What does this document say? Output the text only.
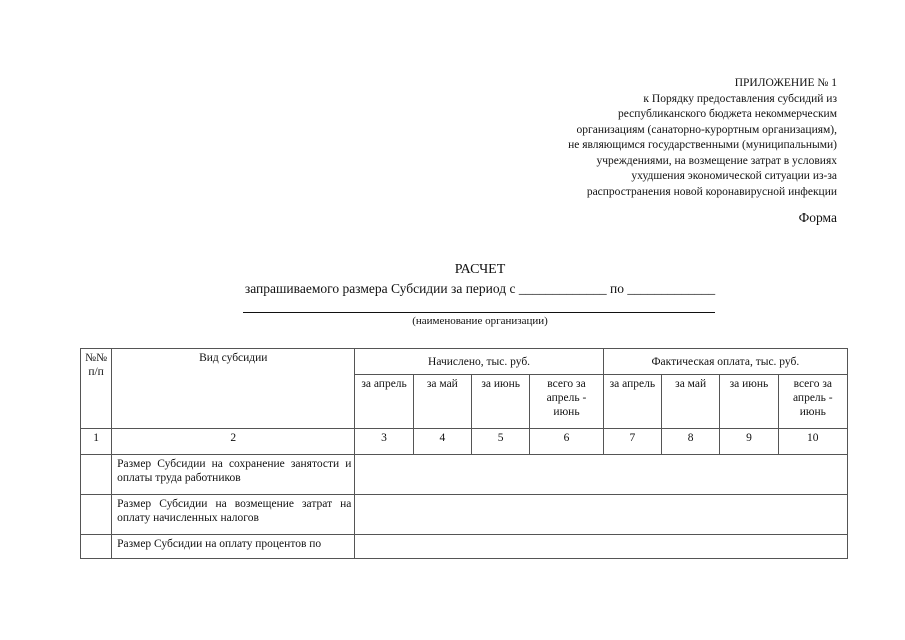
ПРИЛОЖЕНИЕ № 1
к Порядку предоставления субсидий из
республиканского бюджета некоммерческим
организациям (санаторно-курортным организациям),
не являющимся государственными (муниципальными)
учреждениями, на возмещение затрат в условиях
ухудшения экономической ситуации из-за
распространения новой коронавирусной инфекции
Форма
РАСЧЕТ
запрашиваемого размера Субсидии за период с _____________ по _____________
(наименование организации)
№№ п/п	Вид субсидии	Начислено, тыс. руб.				Фактическая оплата, тыс. руб.			
		за апрель	за май	за июнь	всего за апрель - июнь	за апрель	за май	за июнь	всего за апрель - июнь
1	2	3	4	5	6	7	8	9	10
	Размер Субсидии на сохранение занятости и оплаты труда работников								
	Размер Субсидии на возмещение затрат на оплату начисленных налогов								
	Размер Субсидии на оплату процентов по								
